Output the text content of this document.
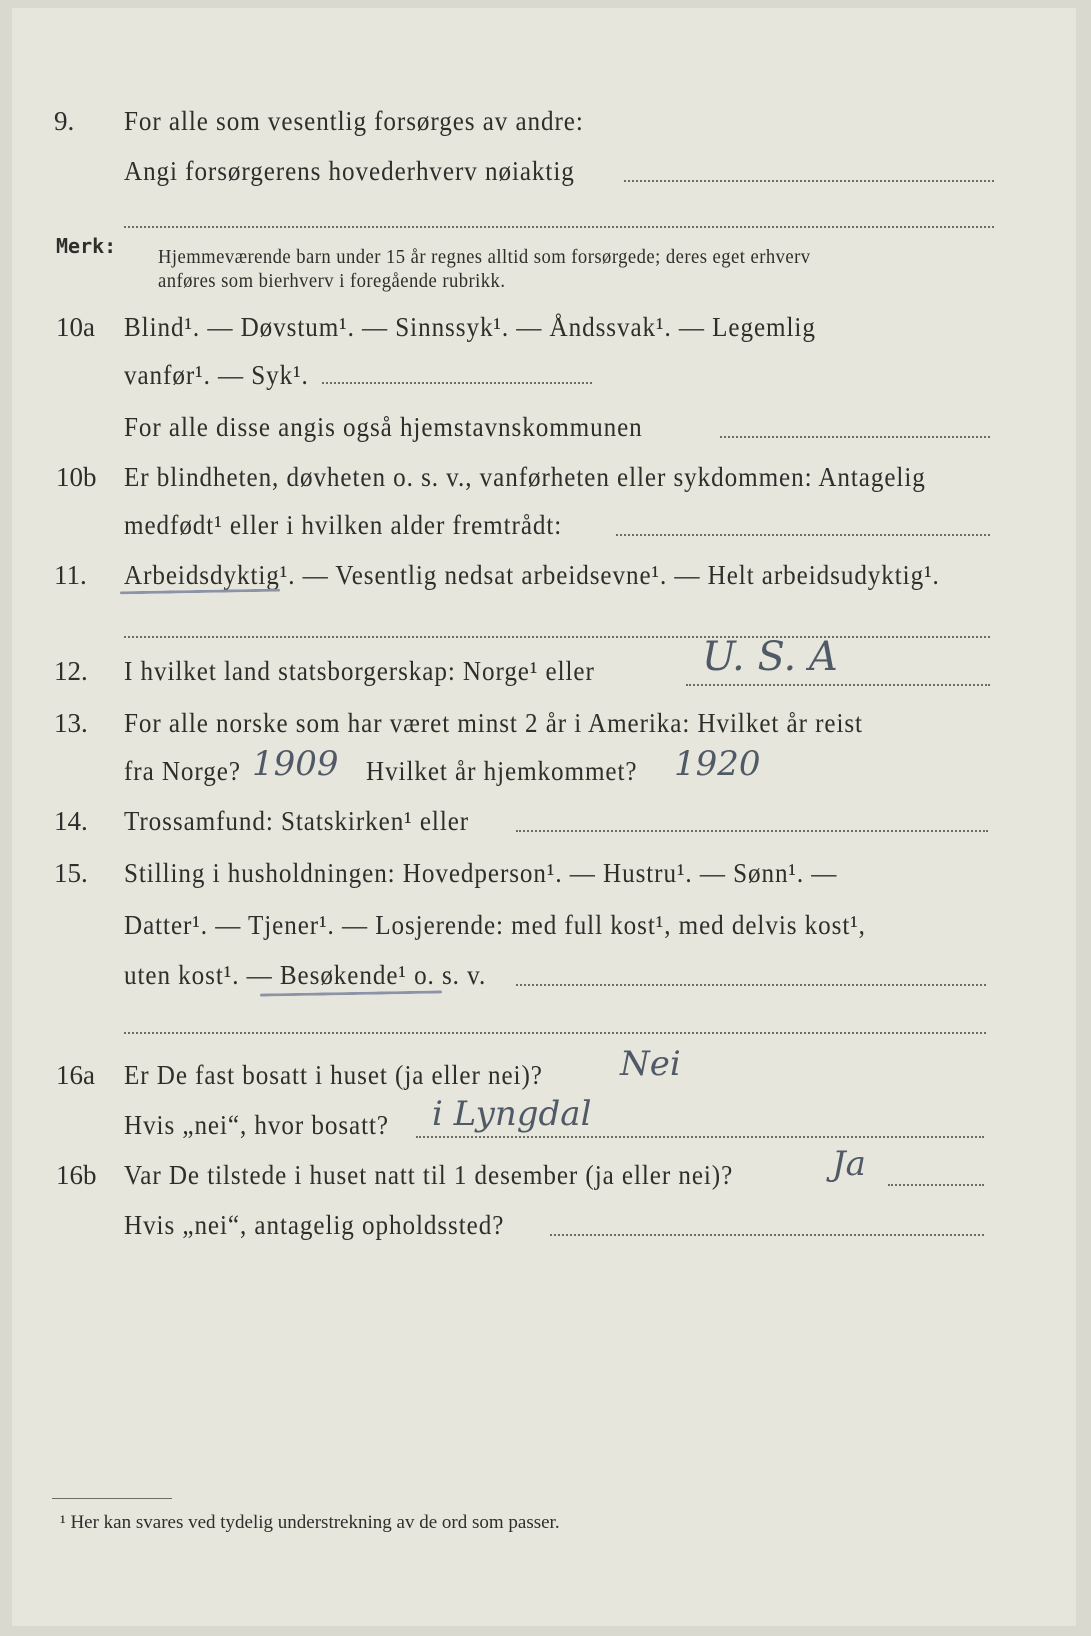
9. For alle som vesentlig forsørges av andre:
Angi forsørgerens hovederhverv nøiaktig
Merk: Hjemmeværende barn under 15 år regnes alltid som forsørgede; deres eget erhverv
anføres som bierhverv i foregående rubrikk.
10a Blind¹. — Døvstum¹. — Sinnssyk¹. — Åndssvak¹. — Legemlig
vanfør¹. — Syk¹.
For alle disse angis også hjemstavnskommunen
10b Er blindheten, døvheten o. s. v., vanførheten eller sykdommen: Antagelig
medfødt¹ eller i hvilken alder fremtrådt:
11. Arbeidsdyktig¹. — Vesentlig nedsat arbeidsevne¹. — Helt arbeidsudyktig¹.
12. I hvilket land statsborgerskap: Norge¹ eller	U. S. A
13. For alle norske som har været minst 2 år i Amerika: Hvilket år reist
fra Norge? 1909 Hvilket år hjemkommet? 1920
14. Trossamfund: Statskirken¹ eller
15. Stilling i husholdningen: Hovedperson¹. — Hustru¹. — Sønn¹. —
Datter¹. — Tjener¹. — Losjerende: med full kost¹, med delvis kost¹,
uten kost¹. — Besøkende¹ o. s. v.
16a Er De fast bosatt i huset (ja eller nei)? Nei
Hvis „nei“, hvor bosatt? i Lyngdal
16b Var De tilstede i huset natt til 1 desember (ja eller nei)?	Ja
Hvis „nei“, antagelig opholdssted?
¹ Her kan svares ved tydelig understrekning av de ord som passer.
